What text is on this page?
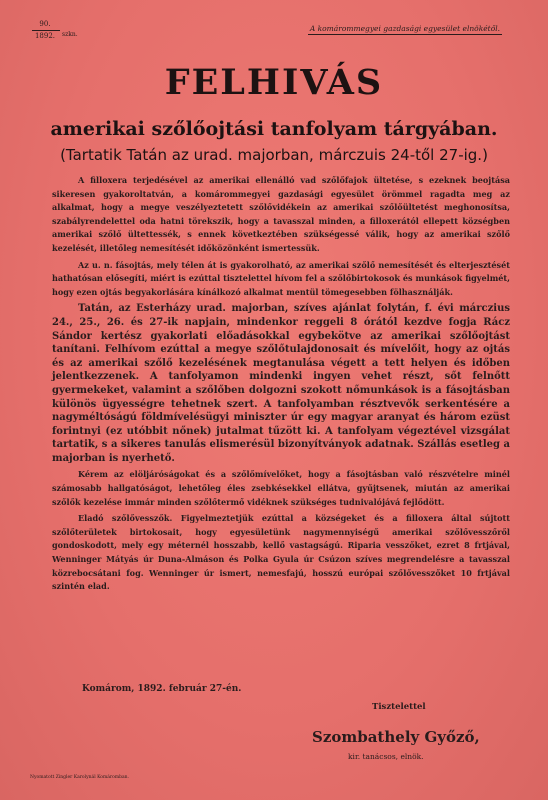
90.
1892.	szkn.
A komárommegyei gazdasági egyesület elnökétől.
FELHIVÁS
amerikai szőlőojtási tanfolyam tárgyában.
(Tartatik Tatán az urad. majorban, márczuis 24-től 27-ig.)

A filloxera terjedésével az amerikai ellenálló vad szőlőfajok ültetése, s ezeknek beojtása sikeresen gyakoroltatván, a komárommegyei gazdasági egyesület örömmel ragadta meg az alkalmat, hogy a megye veszélyeztetett szőlővidékein az amerikai szőlőültetést meghonosítsa, szabályrendelettel oda hatni törekszik, hogy a tavasszal minden, a filloxerától ellepett községben amerikai szőlő ültettessék, s ennek következtében szükségessé válik, hogy az amerikai szőlő kezelését, illetőleg nemesítését időközönként ismertessük.

Az u. n. fásojtás, mely télen át is gyakorolható, az amerikai szőlő nemesítését és elterjesztését hathatósan elősegíti, miért is ezúttal tisztelettel hívom fel a szőlőbirtokosok és munkások figyelmét, hogy ezen ojtás begyakorlására kínálkozó alkalmat mentül tömegesebben fölhasználják.

Tatán, az Esterházy urad. majorban, szíves ajánlat folytán, f. évi márczius 24., 25., 26. és 27-ik napjain, mindenkor reggeli 8 órától kezdve fogja Rácz Sándor kertész gyakorlati előadásokkal egybekötve az amerikai szőlőojtást tanítani. Felhívom ezúttal a megye szőlőtulajdonosait és mívelőit, hogy az ojtás és az amerikai szőlő kezelésének megtanulása végett a tett helyen és időben jelentkezzenek. A tanfolyamon mindenki ingyen vehet részt, sőt felnőtt gyermekeket, valamint a szőlőben dolgozni szokott nőmunkások is a fásojtásban különös ügyességre tehetnek szert. A tanfolyamban résztvevők serkentésére a nagyméltóságú földmívelésügyi miniszter úr egy magyar aranyat és három ezüst forintnyi (ez utóbbit nőnek) jutalmat tűzött ki. A tanfolyam végeztével vizsgálat tartatik, s a sikeres tanulás elismerésül bizonyítványok adatnak. Szállás esetleg a majorban is nyerhető.

Kérem az elöljáróságokat és a szőlőmívelőket, hogy a fásojtásban való részvételre minél számosabb hallgatóságot, lehetőleg éles zsebkésekkel ellátva, gyűjtsenek, miután az amerikai szőlők kezelése immár minden szőlőtermő vidéknek szükséges tudnivalójává fejlődött.

Eladó szőlővesszők. Figyelmeztetjük ezúttal a községeket és a filloxera által sújtott szőlőterületek birtokosait, hogy egyesületünk nagymennyiségű amerikai szőlővesszőről gondoskodott, mely egy méternél hosszabb, kellő vastagságú. Riparia vesszőket, ezret 8 frtjával, Wenninger Mátyás úr Duna-Almáson és Polka Gyula úr Csúzon szíves megrendelésre a tavasszal közrebocsátani fog. Wenninger úr ismert, nemesfajú, hosszú európai szőlővesszőket 10 frtjával szintén elad.

Komárom, 1892. február 27-én.
Tisztelettel
Szombathely Győző,
kir. tanácsos, elnök.
Nyomatott Zingler Karolynál Komáromban.
